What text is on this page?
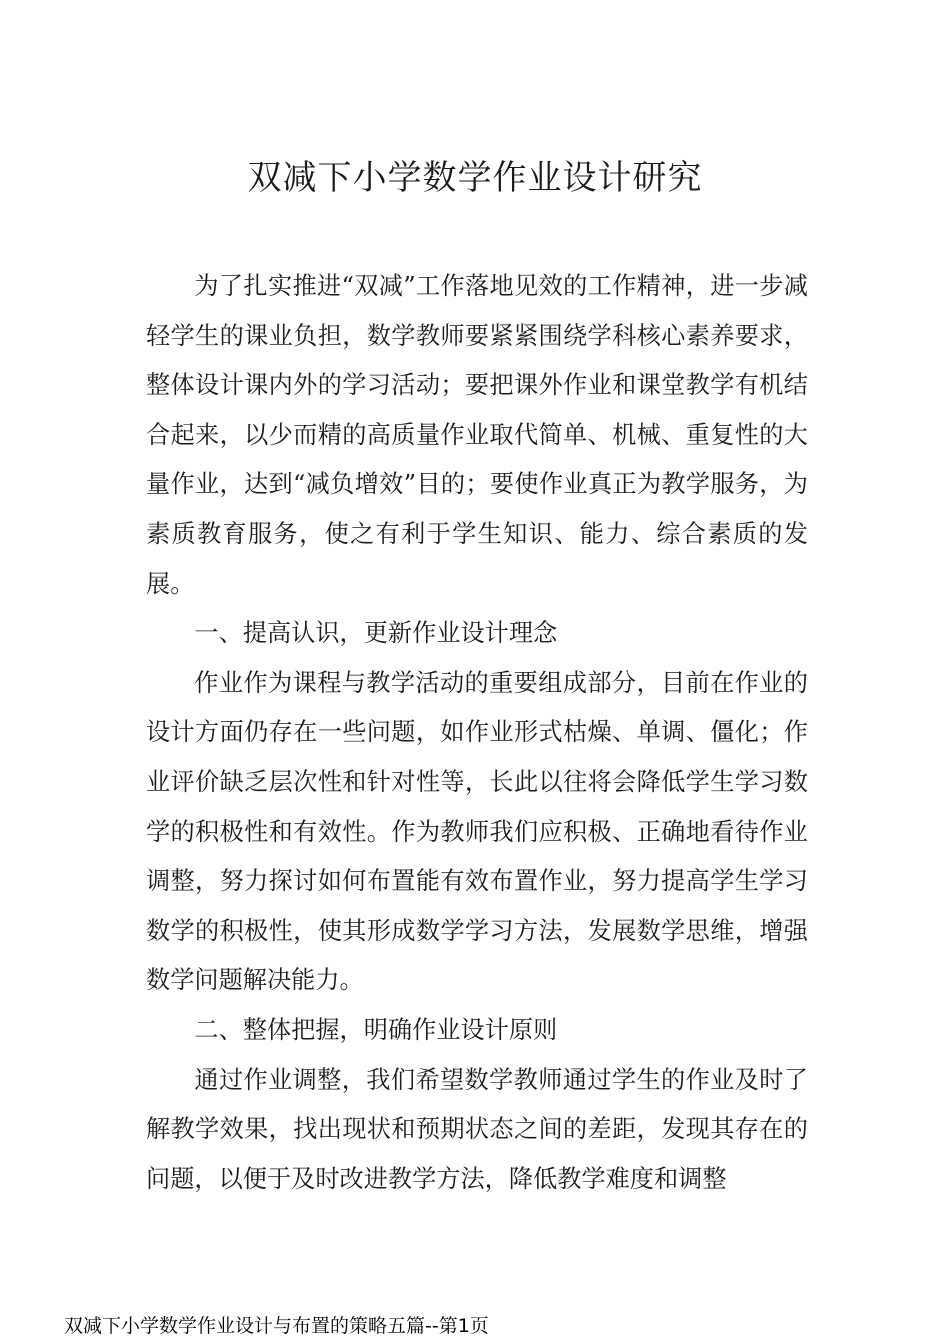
双减下小学数学作业设计研究

为了扎实推进“双减”工作落地见效的工作精神，进一步减轻学生的课业负担，数学教师要紧紧围绕学科核心素养要求，整体设计课内外的学习活动；要把课外作业和课堂教学有机结合起来，以少而精的高质量作业取代简单、机械、重复性的大量作业，达到“减负增效”目的；要使作业真正为教学服务，为素质教育服务，使之有利于学生知识、能力、综合素质的发展。

一、提高认识，更新作业设计理念

作业作为课程与教学活动的重要组成部分，目前在作业的设计方面仍存在一些问题，如作业形式枯燥、单调、僵化；作业评价缺乏层次性和针对性等，长此以往将会降低学生学习数学的积极性和有效性。作为教师我们应积极、正确地看待作业调整，努力探讨如何布置能有效布置作业，努力提高学生学习数学的积极性，使其形成数学学习方法，发展数学思维，增强数学问题解决能力。

二、整体把握，明确作业设计原则

通过作业调整，我们希望数学教师通过学生的作业及时了解教学效果，找出现状和预期状态之间的差距，发现其存在的问题，以便于及时改进教学方法，降低教学难度和调整

双减下小学数学作业设计与布置的策略五篇--第1页
